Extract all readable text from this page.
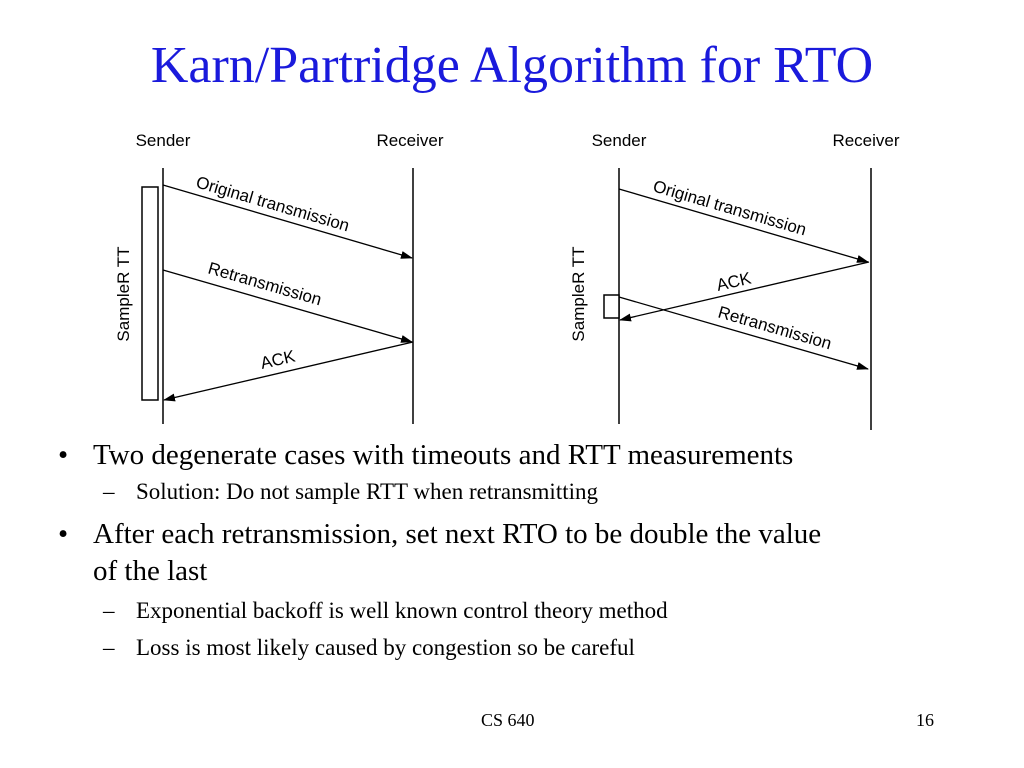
Karn/Partridge Algorithm for RTO
Sender	Receiver
SampleR TT
Original transmission
Retransmission
ACK
Sender	Receiver
SampleR TT
Original transmission
ACK
Retransmission
• Two degenerate cases with timeouts and RTT measurements
– Solution: Do not sample RTT when retransmitting
• After each retransmission, set next RTO to be double the value
of the last
– Exponential backoff is well known control theory method
– Loss is most likely caused by congestion so be careful
CS 640	16
